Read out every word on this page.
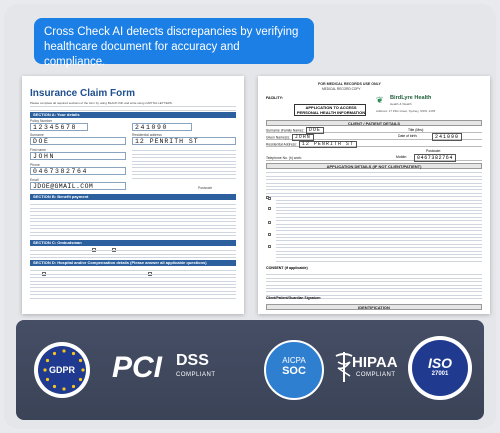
Cross Check AI detects discrepancies by verifying
healthcare document for accuracy and compliance.
Insurance Claim Form
Please complete all required sections of the form by using BLACK INK and write using CAPITAL LETTERS.
SECTION A: Your details
Policy Number
12345678
Surname
DOE
First name
JOHN
Phone
0467382764
Email
JDOE@GMAIL.COM
241090
Residential address
12 PENRITH ST
Postcode
SECTION B: Benefit payment
SECTION C: Ombudsman
SECTION D: Hospital and/or Compensation details (Please answer all applicable questions)
FOR MEDICAL RECORDS USE ONLY
MEDICAL RECORD COPY
FACILITY:
APPLICATION TO ACCESS PERSONAL HEALTH INFORMATION
❦	BirdLyre Health
Health & Wealth
Address: 17 Pitts street, Sydney, NSW, 2165
CLIENT / PATIENT DETAILS
Surname (Family Name): DOE	Title (Mrs):
Given Name(s): JOHN	Date of birth:	241090
Residential Address: 12 PENRITH ST
Postcode:
Telephone No. (h) work:	Mobile:	0467382764
APPLICATION DETAILS (IF NOT CLIENT/PATIENT)

CONSENT (if applicable)
Client/Patient/Guardian Signature:
IDENTIFICATION
GDPR PCI DSS
COMPLIANT
AICPA
SOC	HIPAA
COMPLIANT
ISO
27001
